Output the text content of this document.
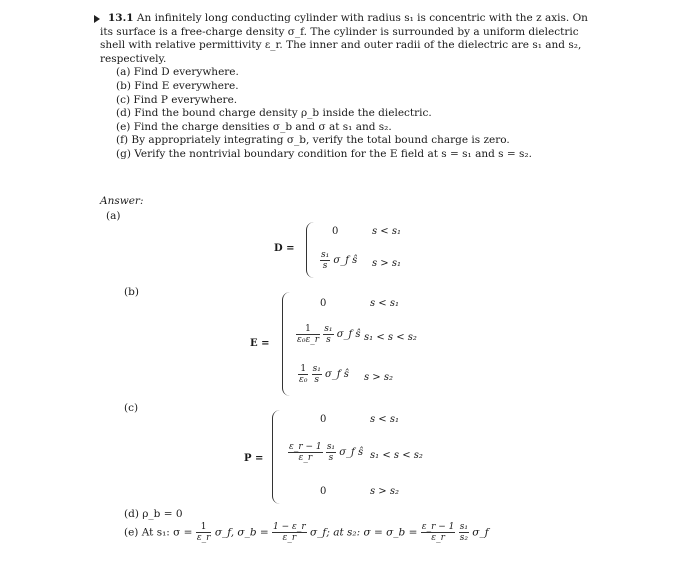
13.1 An infinitely long conducting cylinder with radius s₁ is concentric with the z axis. On its surface is a free-charge density σ_f. The cylinder is surrounded by a uniform dielectric shell with relative permittivity ε_r. The inner and outer radii of the dielectric are s₁ and s₂, respectively.
(a) Find D everywhere.
(b) Find E everywhere.
(c) Find P everywhere.
(d) Find the bound charge density ρ_b inside the dielectric.
(e) Find the charge densities σ_b and σ at s₁ and s₂.
(f) By appropriately integrating σ_b, verify the total bound charge is zero.
(g) Verify the nontrivial boundary condition for the E field at s = s₁ and s = s₂.
Answer:
(a)
D =
0	s < s₁
$\frac{\text{s₁}}{s}$ σ_f ŝ s > s₁
(b)
E =
0	s < s₁
$\frac{1}{\text{ε₀ε\_r}}$
$\frac{\text{s₁}}{s}$ σ_f ŝ s₁ < s < s₂
$\frac{1}{\text{ε₀}}$
$\frac{\text{s₁}}{s}$ σ_f ŝ s > s₂
(c)
P =
0	s < s₁
$\frac{\varepsilon\_r - 1}{\varepsilon\_r}$
$\frac{\text{s₁}}{s}$ σ_f ŝ s₁ < s < s₂
0	s > s₂
(d) ρ_b = 0
(e) At s₁: $\sigma = \frac{1}{\varepsilon\_r}$ σ_f, σ_b = $\frac{1 - \varepsilon\_r}{\varepsilon\_r}$ σ_f; at s₂: σ = σ_b = $\frac{\varepsilon\_r - 1}{\varepsilon\_r}$
$\frac{\text{s₁}}{\text{s₂}}$ σ_f
